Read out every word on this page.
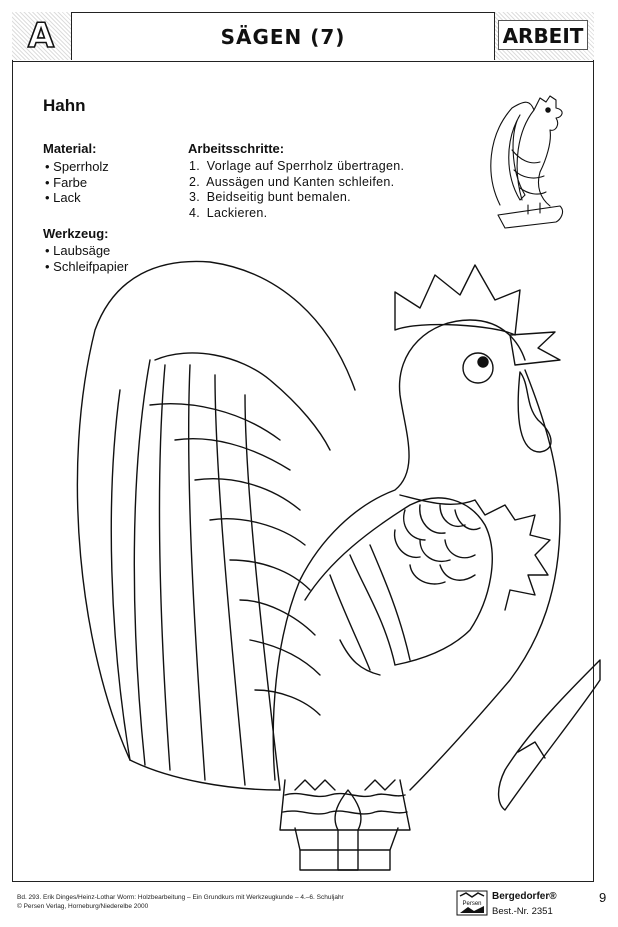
A	SÄGEN (7)	ARBEIT
Hahn
Material:
• Sperrholz
• Farbe
• Lack
Werkzeug:
• Laubsäge
• Schleifpapier
Arbeitsschritte:
1. Vorlage auf Sperrholz übertragen.
2. Aussägen und Kanten schleifen.
3. Beidseitig bunt bemalen.
4. Lackieren.
Bd. 293. Erik Dinges/Heinz-Lothar Worm: Holzbearbeitung – Ein Grundkurs mit Werkzeugkunde – 4.–6. Schuljahr
© Persen Verlag, Horneburg/Niederelbe 2000	Persen
Bergedorfer®
Best.-Nr. 2351
9
